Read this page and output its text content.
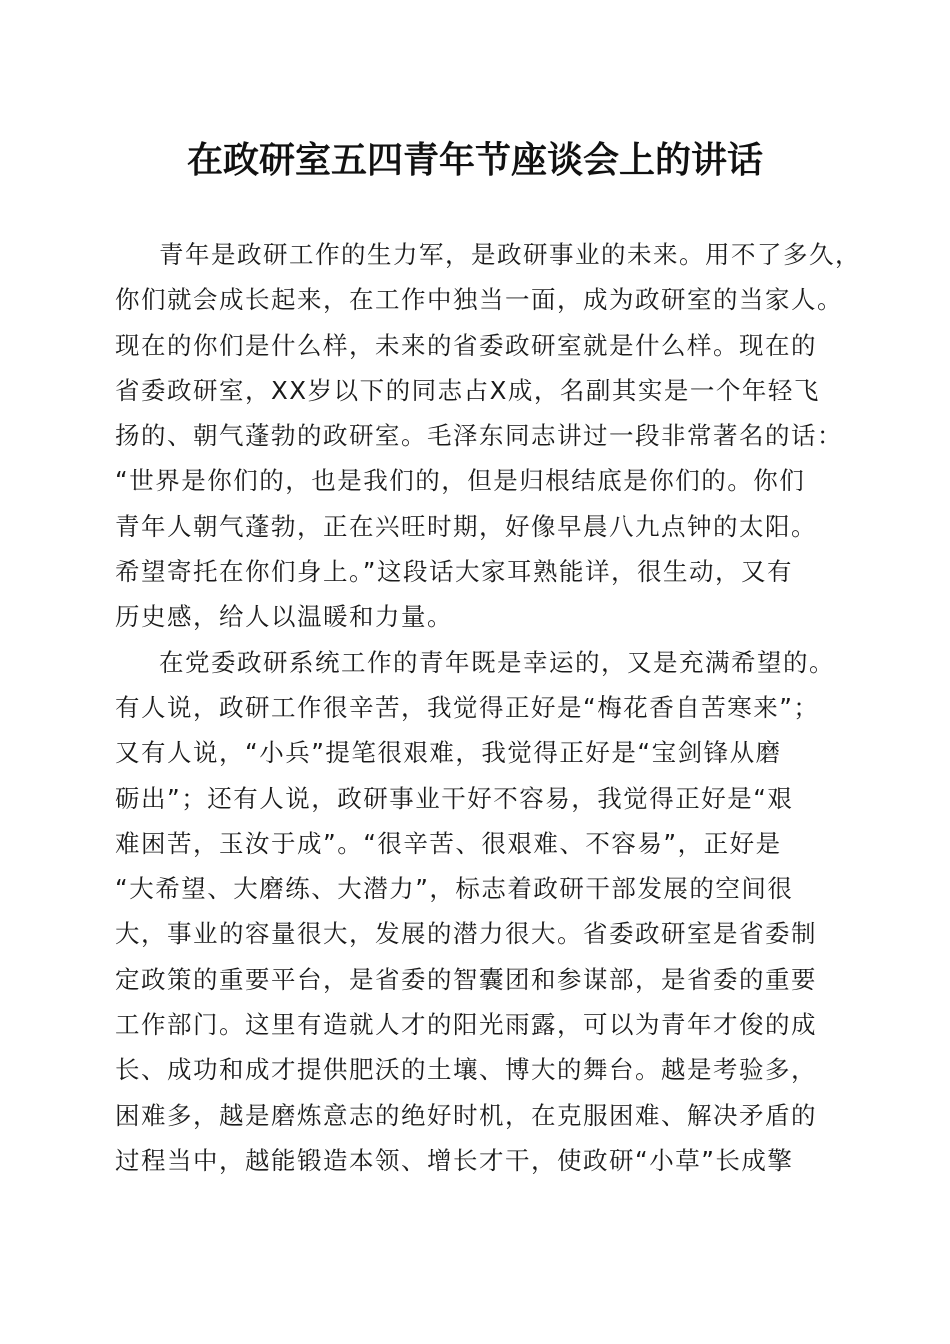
在政研室五四青年节座谈会上的讲话
青年是政研工作的生力军，是政研事业的未来。用不了多久，
你们就会成长起来，在工作中独当一面，成为政研室的当家人。
现在的你们是什么样，未来的省委政研室就是什么样。现在的
省委政研室，XX岁以下的同志占X成，名副其实是一个年轻飞
扬的、朝气蓬勃的政研室。毛泽东同志讲过一段非常著名的话：
“世界是你们的，也是我们的，但是归根结底是你们的。你们
青年人朝气蓬勃，正在兴旺时期，好像早晨八九点钟的太阳。
希望寄托在你们身上。”这段话大家耳熟能详，很生动，又有
历史感，给人以温暖和力量。
在党委政研系统工作的青年既是幸运的，又是充满希望的。
有人说，政研工作很辛苦，我觉得正好是“梅花香自苦寒来”；
又有人说，“小兵”提笔很艰难，我觉得正好是“宝剑锋从磨
砺出”；还有人说，政研事业干好不容易，我觉得正好是“艰
难困苦，玉汝于成”。“很辛苦、很艰难、不容易”，正好是
“大希望、大磨练、大潜力”，标志着政研干部发展的空间很
大，事业的容量很大，发展的潜力很大。省委政研室是省委制
定政策的重要平台，是省委的智囊团和参谋部，是省委的重要
工作部门。这里有造就人才的阳光雨露，可以为青年才俊的成
长、成功和成才提供肥沃的土壤、博大的舞台。越是考验多，
困难多，越是磨炼意志的绝好时机，在克服困难、解决矛盾的
过程当中，越能锻造本领、增长才干，使政研“小草”长成擎
